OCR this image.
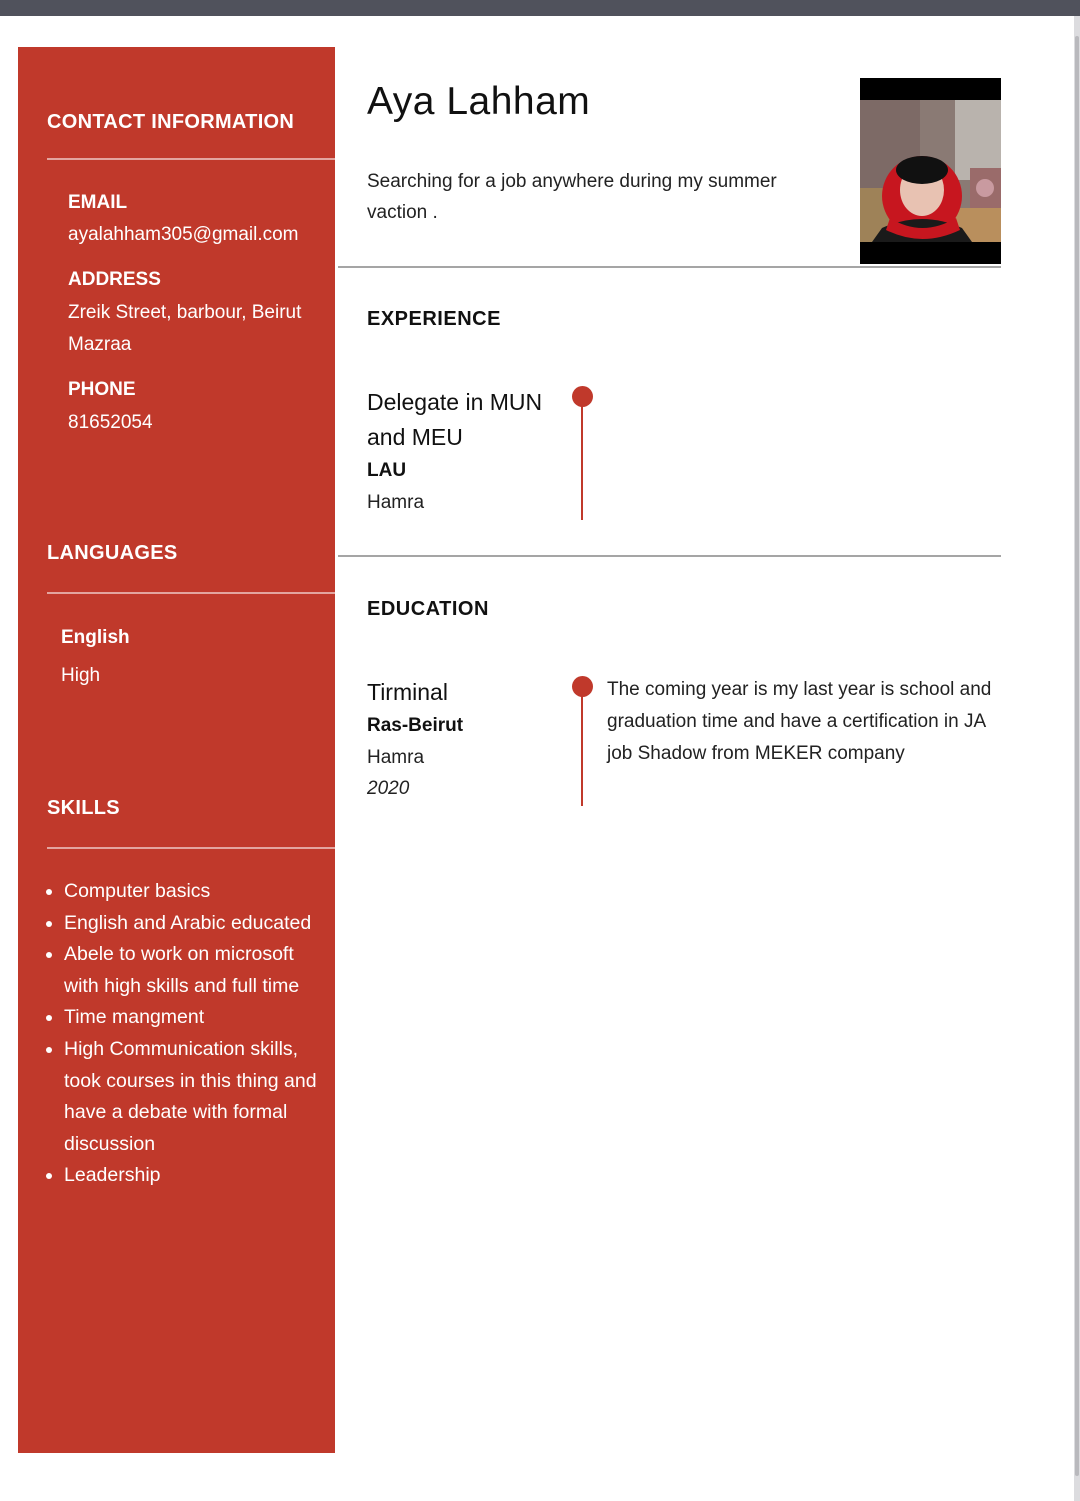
CONTACT INFORMATION
EMAIL
ayalahham305@gmail.com
ADDRESS
Zreik Street, barbour, Beirut Mazraa
PHONE
81652054
LANGUAGES
English
High
SKILLS
• Computer basics
• English and Arabic educated
• Abele to work on microsoft with high skills and full time
• Time mangment
• High Communication skills, took courses in this thing and have a debate with formal discussion
• Leadership
Aya Lahham
Searching for a job anywhere during my summer vaction .
EXPERIENCE
Delegate in MUN and MEU
LAU
Hamra
EDUCATION
Tirminal
Ras-Beirut
Hamra
2020
The coming year is my last year is school and graduation time and have a certification in JA job Shadow from MEKER company
